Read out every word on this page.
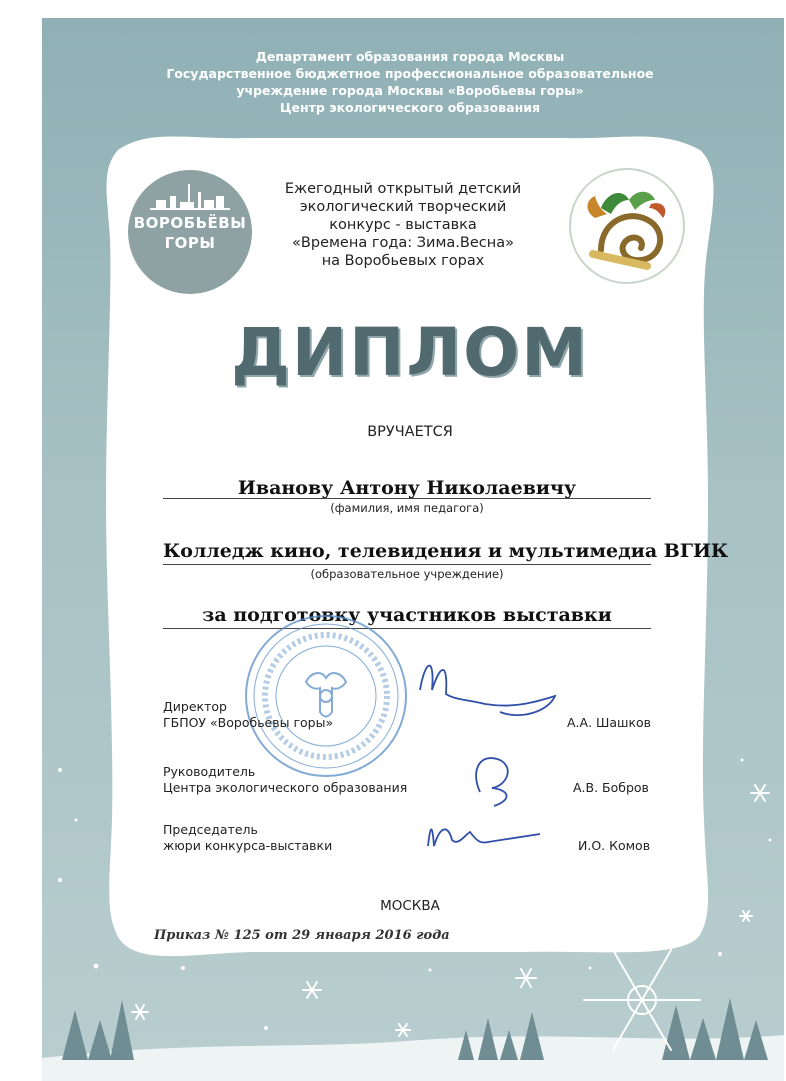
Департамент образования города Москвы
Государственное бюджетное профессиональное образовательное
учреждение города Москвы «Воробьевы горы»
Центр экологического образования
ВОРОБЬЁВЫ
ГОРЫ
Ежегодный открытый детский
экологический творческий
конкурс - выставка
«Времена года: Зима.Весна»
на Воробьевых горах
ДИПЛОМ
ВРУЧАЕТСЯ
Иванову Антону Николаевичу
(фамилия, имя педагога)
Колледж кино, телевидения и мультимедиа ВГИК
(образовательное учреждение)
за подготовку участников выставки
Директор
ГБПОУ «Воробьевы горы»	А.А. Шашков
Руководитель
Центра экологического образования	А.В. Бобров
Председатель
жюри конкурса-выставки	И.О. Комов
МОСКВА
Приказ № 125 от 29 января 2016 года
